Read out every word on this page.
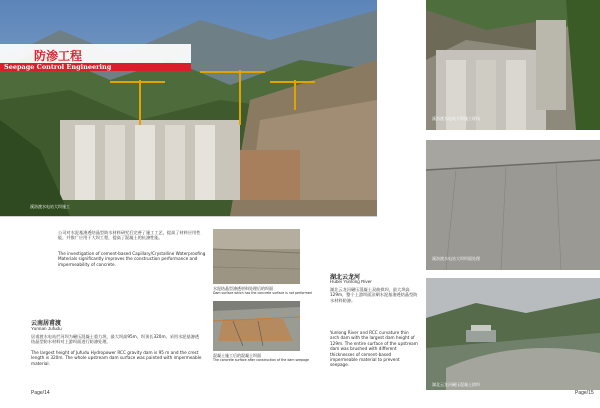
防渗工程
Seepage Control Engineering
溪洛渡水电站大坝施工
公司对水泥基渗透结晶型防水材料研究后完善了施工工艺，提高了材料应用性能，并推广应用于大坝工程，提高了混凝土的抗渗性能。
The investigation of cement-based Capillary/Crystalline Waterproofing Materials significantly improves the construction performance and impermeability of concrete.
水泥结晶型渗透材料处理后的坝面
Dam surface which has the concrete surface is not performed
混凝土施工后的混凝土坝面
The concrete surface after construction of the dam seepage
云南居甫渡
Yunnan Jufudu
居甫渡水电站拦河坝为碾压混凝土重力坝，最大坝高95m，坝顶长320m，采用水泥基渗透结晶型防水材料对上游坝面进行防渗处理。
The largest height of Jufudu Hydropower RCC gravity dam is 95 m and the crest length is 320m. The whole upstream dam surface was painted with impermeable material.
湖北云龙河
Hubei Yunlong River
湖北云龙河碾压混凝土双曲拱坝，最大坝高129m，整个上游坝面涂刷水泥基渗透结晶型防水材料防渗。
Yunlong River and RCC curvature thin arch dam with the largest dam height of 129m. The entire surface of the upstream dam was brushed with different thicknesses of cement-based impermeable material to prevent seepage.
Page/14	Page/15
溪洛渡水电站大坝施工现场
溪洛渡水电站大坝坝面处理
湖北云龙河碾压混凝土拱坝
